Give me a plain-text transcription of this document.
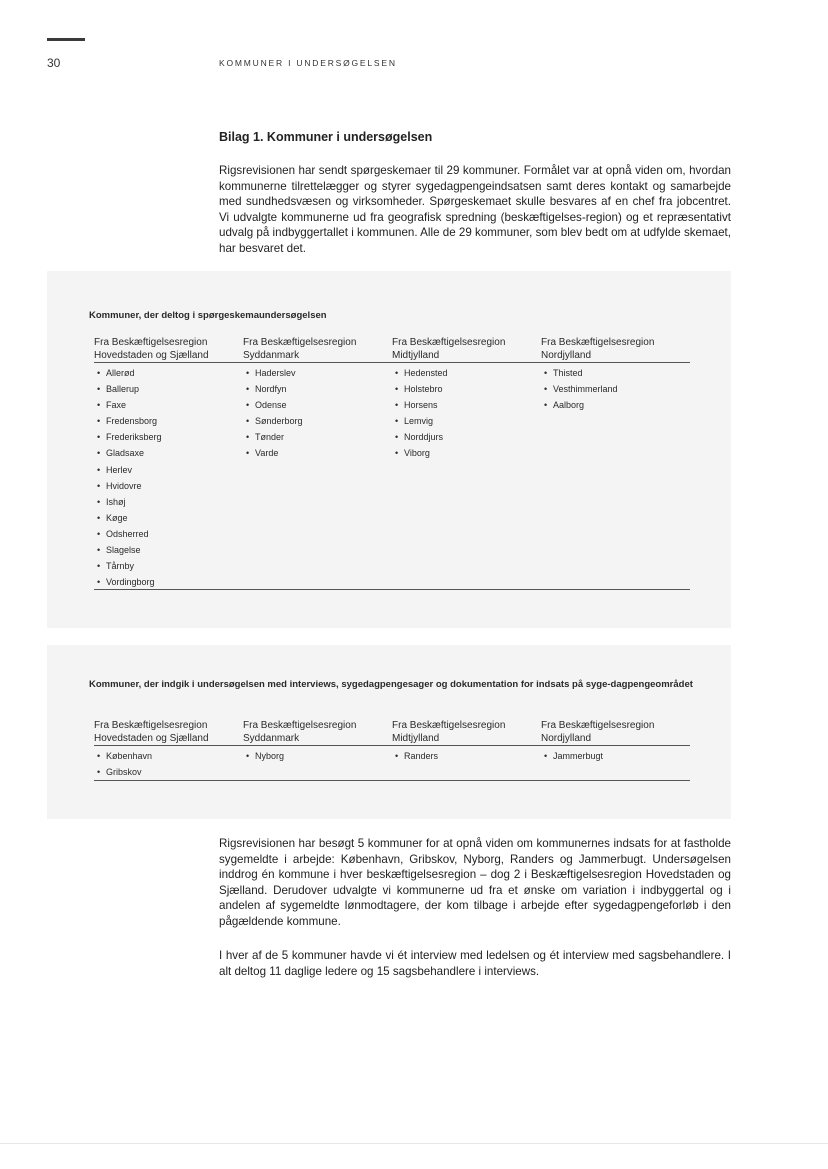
30	KOMMUNER I UNDERSØGELSEN
Bilag 1. Kommuner i undersøgelsen
Rigsrevisionen har sendt spørgeskemaer til 29 kommuner. Formålet var at opnå viden om, hvordan kommunerne tilrettelægger og styrer sygedagpengeindsatsen samt deres kontakt og samarbejde med sundhedsvæsen og virksomheder. Spørgeskemaet skulle besvares af en chef fra jobcentret. Vi udvalgte kommunerne ud fra geografisk spredning (beskæftigelses-region) og et repræsentativt udvalg på indbyggertallet i kommunen. Alle de 29 kommuner, som blev bedt om at udfylde skemaet, har besvaret det.
Kommuner, der deltog i spørgeskemaundersøgelsen
Fra Beskæftigelsesregion Hovedstaden og Sjælland
• Allerød
• Ballerup
• Faxe
• Fredensborg
• Frederiksberg
• Gladsaxe
• Herlev
• Hvidovre
• Ishøj
• Køge
• Odsherred
• Slagelse
• Tårnby
• Vordingborg
Fra Beskæftigelsesregion Syddanmark
• Haderslev
• Nordfyn
• Odense
• Sønderborg
• Tønder
• Varde
Fra Beskæftigelsesregion Midtjylland
• Hedensted
• Holstebro
• Horsens
• Lemvig
• Norddjurs
• Viborg
Fra Beskæftigelsesregion Nordjylland
• Thisted
• Vesthimmerland
• Aalborg
Kommuner, der indgik i undersøgelsen med interviews, sygedagpengesager og dokumentation for indsats på syge-dagpengeområdet
Fra Beskæftigelsesregion Hovedstaden og Sjælland
• København
• Gribskov
Fra Beskæftigelsesregion Syddanmark
• Nyborg
Fra Beskæftigelsesregion Midtjylland
• Randers
Fra Beskæftigelsesregion Nordjylland
• Jammerbugt
Rigsrevisionen har besøgt 5 kommuner for at opnå viden om kommunernes indsats for at fastholde sygemeldte i arbejde: København, Gribskov, Nyborg, Randers og Jammerbugt. Undersøgelsen inddrog én kommune i hver beskæftigelsesregion – dog 2 i Beskæftigelsesregion Hovedstaden og Sjælland. Derudover udvalgte vi kommunerne ud fra et ønske om variation i indbyggertal og i andelen af sygemeldte lønmodtagere, der kom tilbage i arbejde efter sygedagpengeforløb i den pågældende kommune.
I hver af de 5 kommuner havde vi ét interview med ledelsen og ét interview med sagsbehandlere. I alt deltog 11 daglige ledere og 15 sagsbehandlere i interviews.
